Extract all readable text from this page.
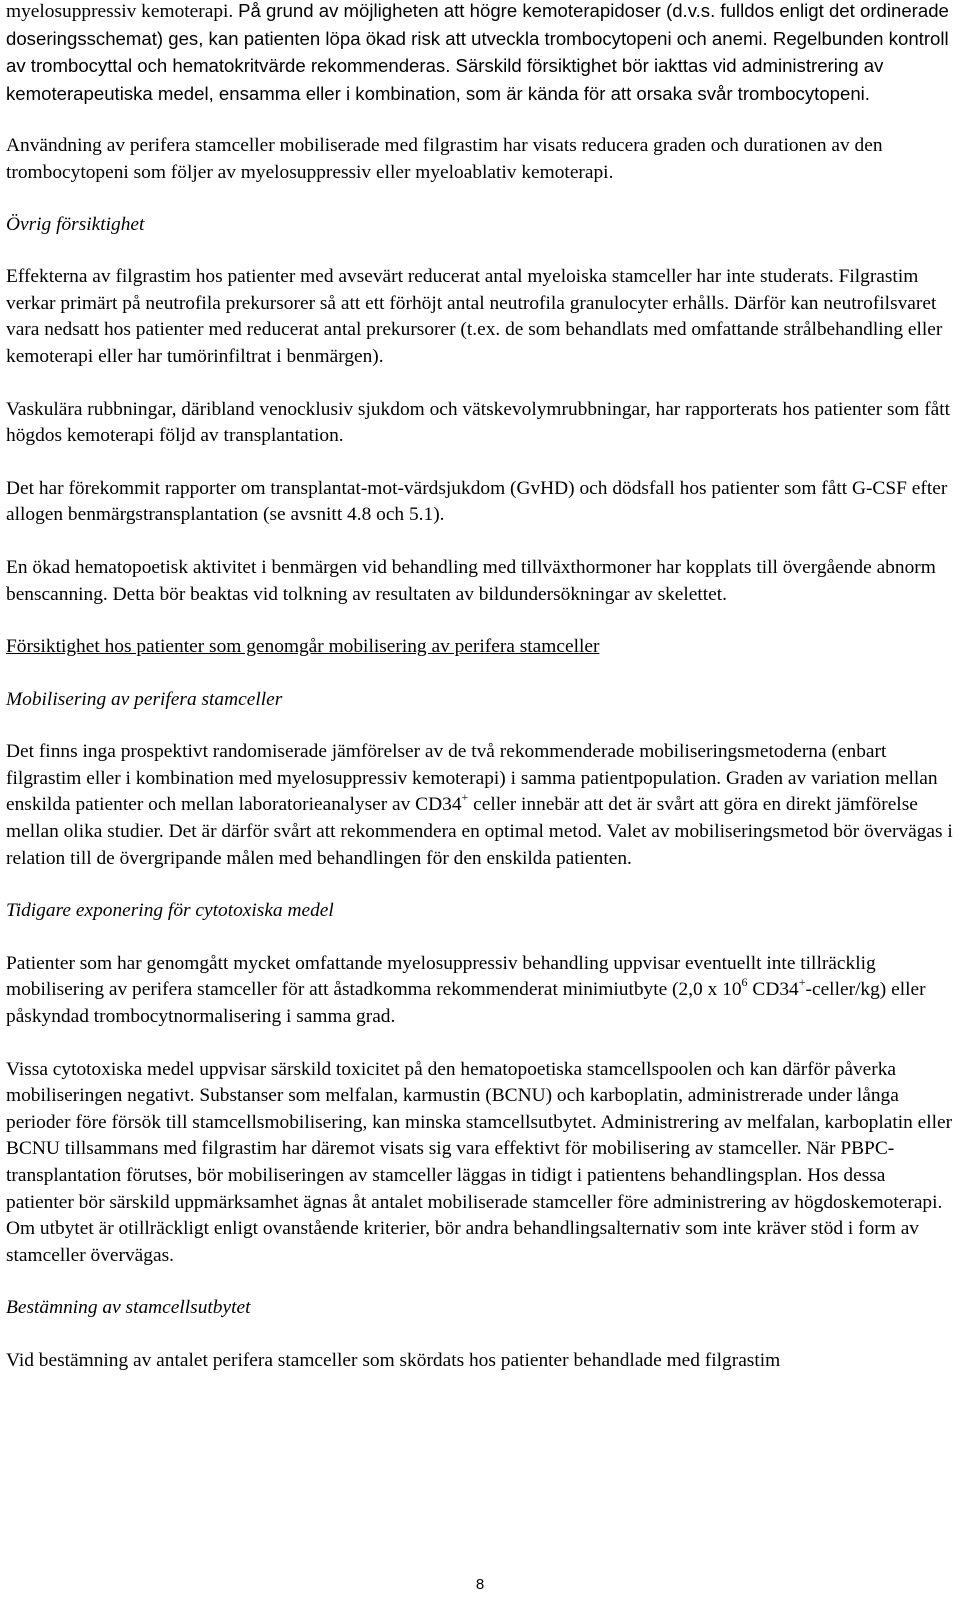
myelosuppressiv kemoterapi. På grund av möjligheten att högre kemoterapidoser (d.v.s. fulldos enligt det ordinerade doseringsschemat) ges, kan patienten löpa ökad risk att utveckla trombocytopeni och anemi. Regelbunden kontroll av trombocyttal och hematokritvärde rekommenderas. Särskild försiktighet bör iakttas vid administrering av kemoterapeutiska medel, ensamma eller i kombination, som är kända för att orsaka svår trombocytopeni.

Användning av perifera stamceller mobiliserade med filgrastim har visats reducera graden och durationen av den trombocytopeni som följer av myelosuppressiv eller myeloablativ kemoterapi.

Övrig försiktighet

Effekterna av filgrastim hos patienter med avsevärt reducerat antal myeloiska stamceller har inte studerats. Filgrastim verkar primärt på neutrofila prekursorer så att ett förhöjt antal neutrofila granulocyter erhålls. Därför kan neutrofilsvaret vara nedsatt hos patienter med reducerat antal prekursorer (t.ex. de som behandlats med omfattande strålbehandling eller kemoterapi eller har tumörinfiltrat i benmärgen).

Vaskulära rubbningar, däribland venocklusiv sjukdom och vätskevolymrubbningar, har rapporterats hos patienter som fått högdos kemoterapi följd av transplantation.

Det har förekommit rapporter om transplantat-mot-värdsjukdom (GvHD) och dödsfall hos patienter som fått G-CSF efter allogen benmärgstransplantation (se avsnitt 4.8 och 5.1).

En ökad hematopoetisk aktivitet i benmärgen vid behandling med tillväxthormoner har kopplats till övergående abnorm benscanning. Detta bör beaktas vid tolkning av resultaten av bildundersökningar av skelettet.

Försiktighet hos patienter som genomgår mobilisering av perifera stamceller

Mobilisering av perifera stamceller

Det finns inga prospektivt randomiserade jämförelser av de två rekommenderade mobiliseringsmetoderna (enbart filgrastim eller i kombination med myelosuppressiv kemoterapi) i samma patientpopulation. Graden av variation mellan enskilda patienter och mellan laboratorieanalyser av CD34+ celler innebär att det är svårt att göra en direkt jämförelse mellan olika studier. Det är därför svårt att rekommendera en optimal metod. Valet av mobiliseringsmetod bör övervägas i relation till de övergripande målen med behandlingen för den enskilda patienten.

Tidigare exponering för cytotoxiska medel

Patienter som har genomgått mycket omfattande myelosuppressiv behandling uppvisar eventuellt inte tillräcklig mobilisering av perifera stamceller för att åstadkomma rekommenderat minimiutbyte (2,0 x $10^6$ CD34+-celler/kg) eller påskyndad trombocytnormalisering i samma grad.

Vissa cytotoxiska medel uppvisar särskild toxicitet på den hematopoetiska stamcellspoolen och kan därför påverka mobiliseringen negativt. Substanser som melfalan, karmustin (BCNU) och karboplatin, administrerade under långa perioder före försök till stamcellsmobilisering, kan minska stamcellsutbytet. Administrering av melfalan, karboplatin eller BCNU tillsammans med filgrastim har däremot visats sig vara effektivt för mobilisering av stamceller. När PBPC-transplantation förutses, bör mobiliseringen av stamceller läggas in tidigt i patientens behandlingsplan. Hos dessa patienter bör särskild uppmärksamhet ägnas åt antalet mobiliserade stamceller före administrering av högdoskemoterapi. Om utbytet är otillräckligt enligt ovanstående kriterier, bör andra behandlingsalternativ som inte kräver stöd i form av stamceller övervägas.

Bestämning av stamcellsutbytet

Vid bestämning av antalet perifera stamceller som skördats hos patienter behandlade med filgrastim

8
